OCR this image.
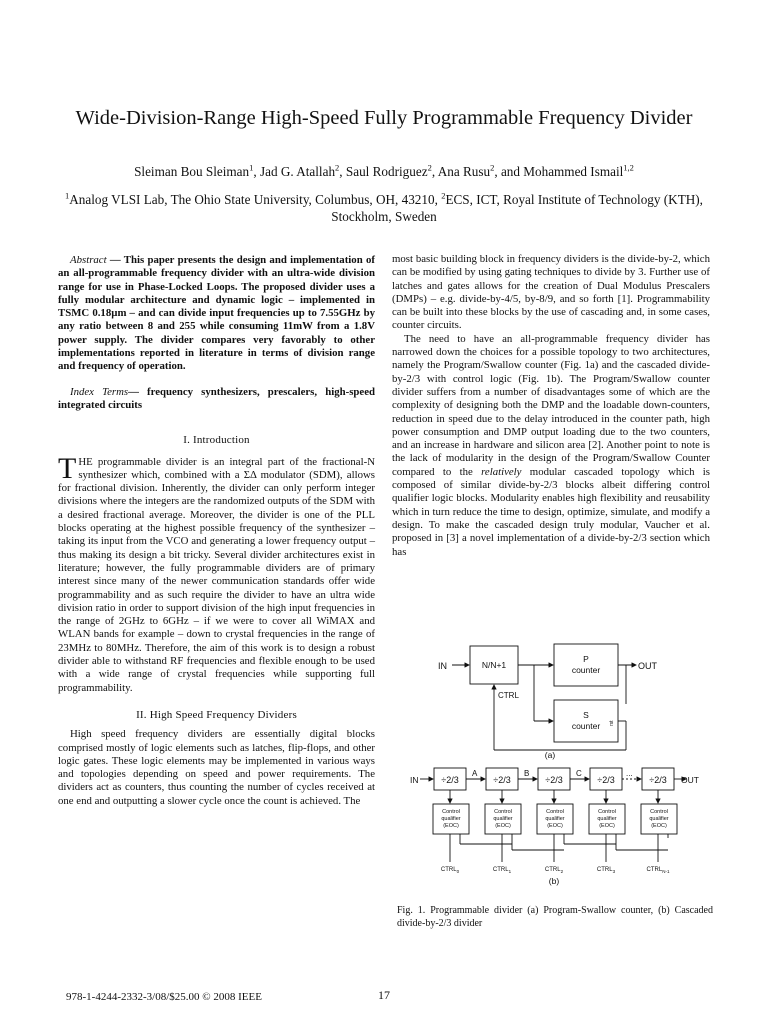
Wide-Division-Range High-Speed Fully Programmable Frequency Divider
Sleiman Bou Sleiman$^1$, Jad G. Atallah$^2$, Saul Rodriguez$^2$, Ana Rusu$^2$, and Mohammed Ismail$^{1,2}$
$^1$Analog VLSI Lab, The Ohio State University, Columbus, OH, 43210, $^2$ECS, ICT, Royal Institute of Technology (KTH), Stockholm, Sweden

Abstract — This paper presents the design and implementation of an all-programmable frequency divider with an ultra-wide division range for use in Phase-Locked Loops. The proposed divider uses a fully modular architecture and dynamic logic – implemented in TSMC 0.18µm – and can divide input frequencies up to 7.55GHz by any ratio between 8 and 255 while consuming 11mW from a 1.8V power supply. The divider compares very favorably to other implementations reported in literature in terms of division range and frequency of operation.

Index Terms— frequency synthesizers, prescalers, high-speed integrated circuits

I. Introduction

THE programmable divider is an integral part of the fractional-N synthesizer which, combined with a ΣΔ modulator (SDM), allows for fractional division. Inherently, the divider can only perform integer divisions where the integers are the randomized outputs of the SDM with a desired fractional average. Moreover, the divider is one of the PLL blocks operating at the highest possible frequency of the synthesizer – taking its input from the VCO and generating a lower frequency output – thus making its design a bit tricky. Several divider architectures exist in literature; however, the fully programmable dividers are of primary interest since many of the newer communication standards offer wide programmability and as such require the divider to have an ultra wide division ratio in order to support division of the high input frequencies in the range of 2GHz to 6GHz – if we were to cover all WiMAX and WLAN bands for example – down to crystal frequencies in the range of 23MHz to 80MHz. Therefore, the aim of this work is to design a robust divider able to withstand RF frequencies and flexible enough to be used with a wide range of crystal frequencies while supporting full programmability.

II. High Speed Frequency Dividers

High speed frequency dividers are essentially digital blocks comprised mostly of logic elements such as latches, flip-flops, and other logic gates. These logic elements may be implemented in various ways and topologies depending on speed and power requirements. The dividers act as counters, thus counting the number of cycles received at one end and outputting a slower cycle once the count is achieved. The

most basic building block in frequency dividers is the divide-by-2, which can be modified by using gating techniques to divide by 3. Further use of latches and gates allows for the creation of Dual Modulus Prescalers (DMPs) – e.g. divide-by-4/5, by-8/9, and so forth [1]. Programmability can be built into these blocks by the use of cascading and, in some cases, counter circuits.

The need to have an all-programmable frequency divider has narrowed down the choices for a possible topology to two architectures, namely the Program/Swallow counter (Fig. 1a) and the cascaded divide-by-2/3 with control logic (Fig. 1b). The Program/Swallow counter divider suffers from a number of disadvantages some of which are the complexity of designing both the DMP and the loadable down-counters, reduction in speed due to the delay introduced in the counter path, high power consumption and DMP output loading due to the two counters, and an increase in hardware and silicon area [2]. Another point to note is the lack of modularity in the design of the Program/Swallow Counter compared to the relatively modular cascaded topology which is composed of similar divide-by-2/3 blocks albeit differing control qualifier logic blocks. Modularity enables high flexibility and reusability which in turn reduce the time to design, optimize, simulate, and modify a design. To make the cascaded design truly modular, Vaucher et al. proposed in [3] a novel implementation of a divide-by-2/3 section which has

IN	N/N+1
P
counter
S
counter rst
OUT
CTRL
(a)
IN	÷2/3	÷2/3	÷2/3	÷2/3	÷2/3
A	B	C	...
OUT
Control
qualifier
(EOC)
Control
qualifier
(EOC)
Control
qualifier
(EOC)
Control
qualifier
(EOC)
Control
qualifier
(EOC)
$CTRL_0$	$CTRL_1$	$CTRL_2$	$CTRL_3$	$CTRL_{N-1}$
(b)
Fig. 1. Programmable divider (a) Program-Swallow counter, (b) Cascaded divide-by-2/3 divider
978-1-4244-2332-3/08/$25.00 © 2008 IEEE	17
